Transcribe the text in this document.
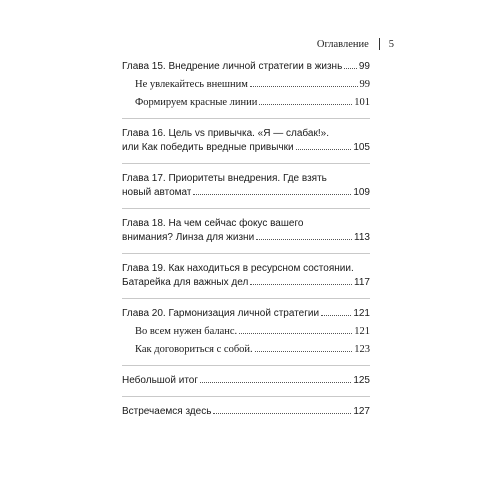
Оглавление 5
Глава 15. Внедрение личной стратегии в жизнь 99
Не увлекайтесь внешним	99
Формируем красные линии	101
Глава 16. Цель vs привычка. «Я — слабак!».
или Как победить вредные привычки	105
Глава 17. Приоритеты внедрения. Где взять
новый автомат	109
Глава 18. На чем сейчас фокус вашего
внимания? Линза для жизни	113
Глава 19. Как находиться в ресурсном состоянии.
Батарейка для важных дел	117
Глава 20. Гармонизация личной стратегии	121
Во всем нужен баланс.	121
Как договориться с собой.	123
Небольшой итог	125
Встречаемся здесь	127
